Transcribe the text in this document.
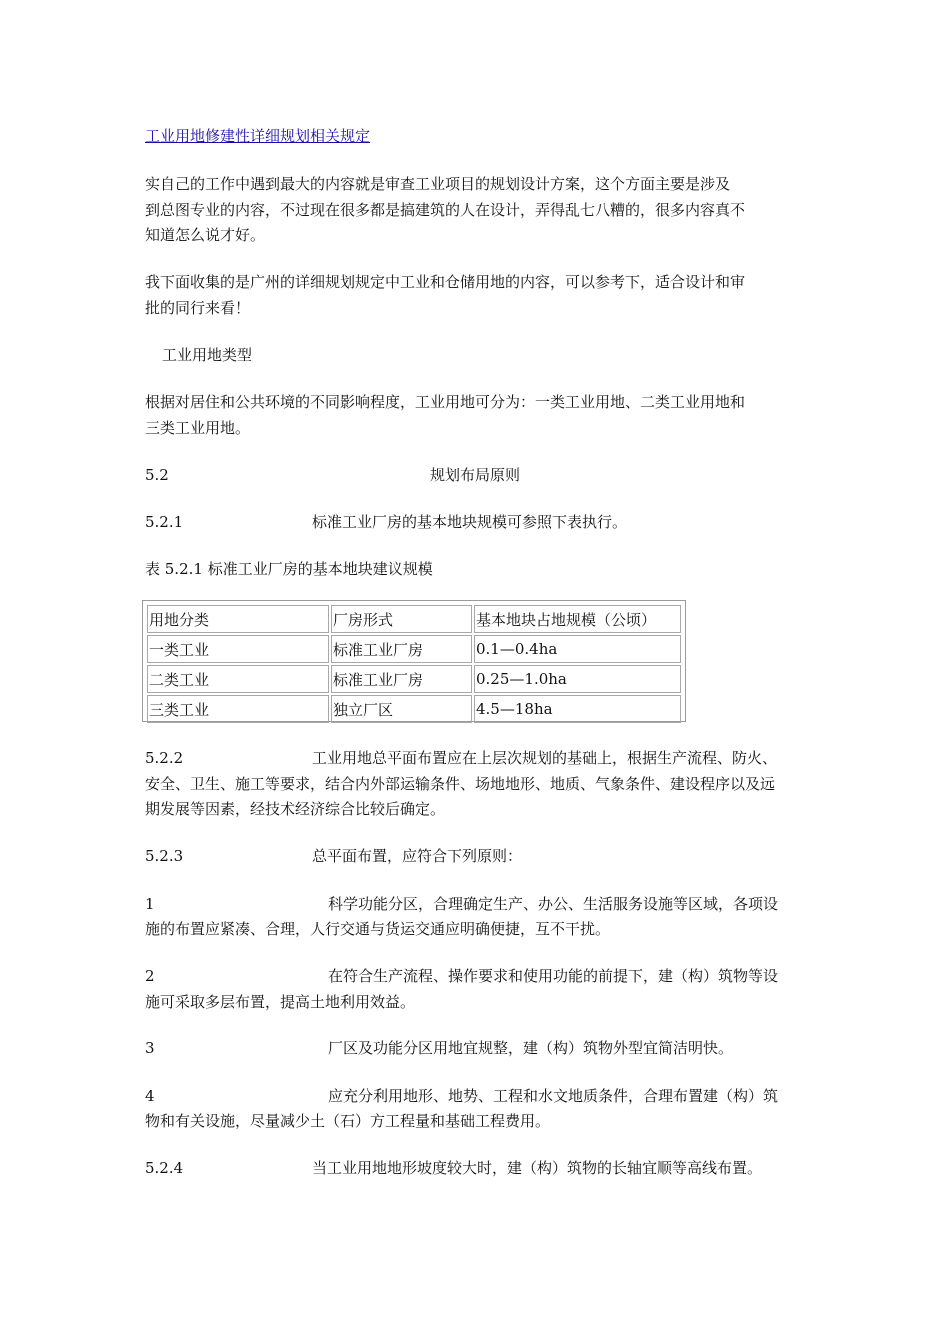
工业用地修建性详细规划相关规定
实自己的工作中遇到最大的内容就是审查工业项目的规划设计方案，这个方面主要是涉及
到总图专业的内容，不过现在很多都是搞建筑的人在设计，弄得乱七八糟的，很多内容真不
知道怎么说才好。
我下面收集的是广州的详细规划规定中工业和仓储用地的内容，可以参考下，适合设计和审
批的同行来看！
工业用地类型
根据对居住和公共环境的不同影响程度，工业用地可分为：一类工业用地、二类工业用地和
三类工业用地。
5.2	规划布局原则
5.2.1	标准工业厂房的基本地块规模可参照下表执行。
表 5.2.1 标准工业厂房的基本地块建议规模
用地分类	厂房形式	基本地块占地规模（公顷）
一类工业	标准工业厂房	0.1—0.4ha
二类工业	标准工业厂房	0.25—1.0ha
三类工业	独立厂区	4.5—18ha
5.2.2	工业用地总平面布置应在上层次规划的基础上，根据生产流程、防火、
安全、卫生、施工等要求，结合内外部运输条件、场地地形、地质、气象条件、建设程序以及远
期发展等因素，经技术经济综合比较后确定。
5.2.3	总平面布置，应符合下列原则：
1	科学功能分区，合理确定生产、办公、生活服务设施等区域，各项设
施的布置应紧凑、合理，人行交通与货运交通应明确便捷，互不干扰。
2	在符合生产流程、操作要求和使用功能的前提下，建（构）筑物等设
施可采取多层布置，提高土地利用效益。
3	厂区及功能分区用地宜规整，建（构）筑物外型宜简洁明快。
4	应充分利用地形、地势、工程和水文地质条件，合理布置建（构）筑
物和有关设施，尽量减少土（石）方工程量和基础工程费用。
5.2.4	当工业用地地形坡度较大时，建（构）筑物的长轴宜顺等高线布置。
